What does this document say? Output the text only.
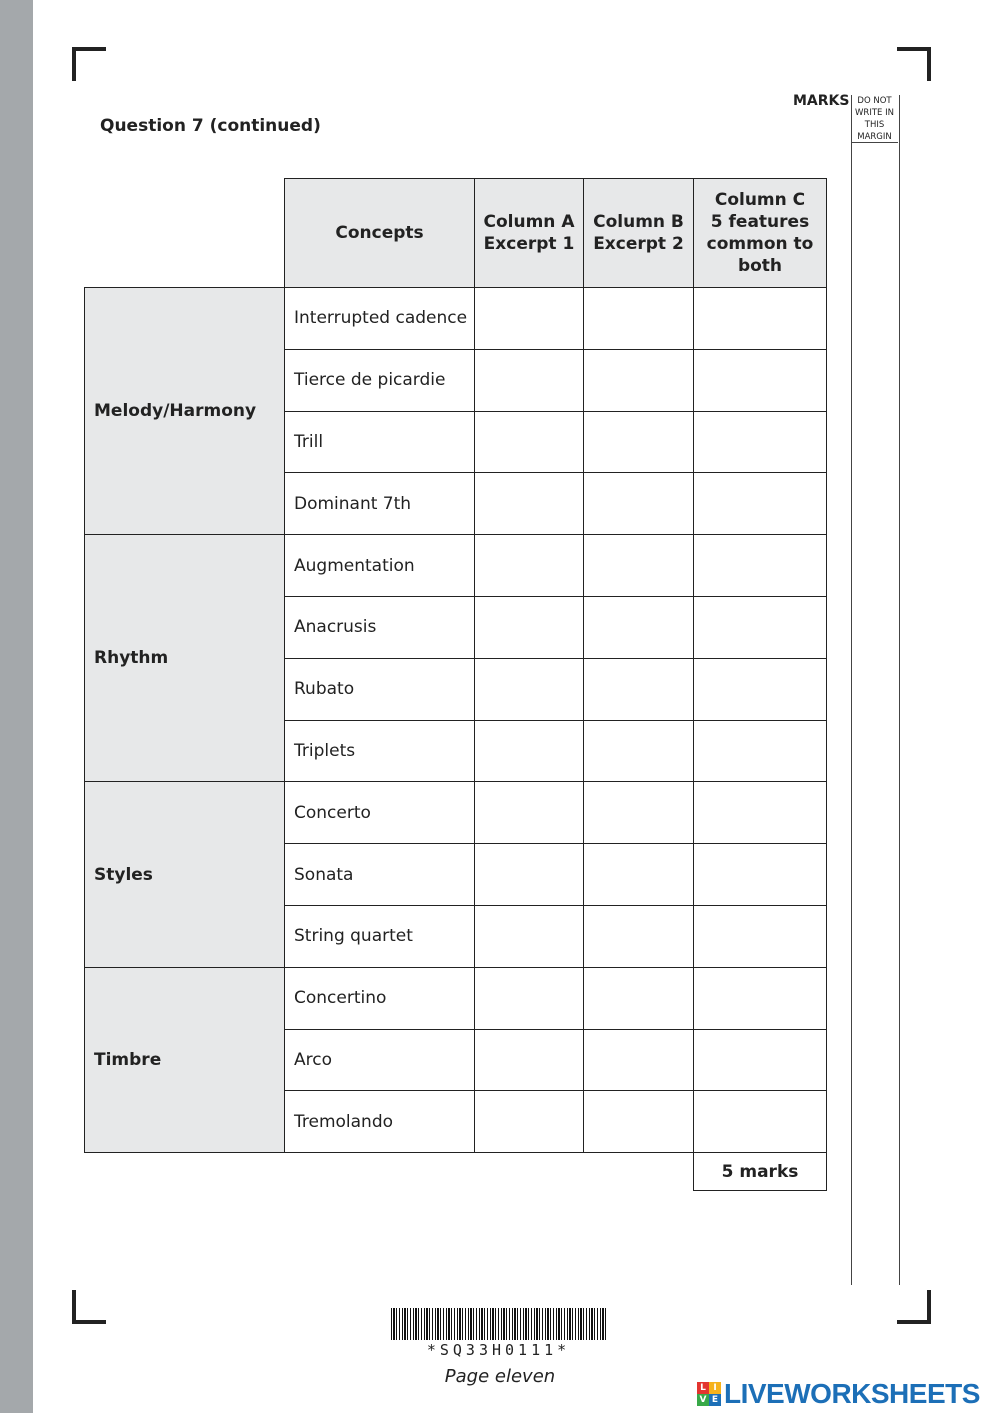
Question 7 (continued)
MARKS DO NOT
WRITE IN
THIS
MARGIN
Concepts
Column A
Excerpt 1
Column B
Excerpt 2
Column C
5 features
common to
both
Melody/Harmony
Interrupted cadence
Tierce de picardie
Trill
Dominant 7th
Rhythm
Augmentation
Anacrusis
Rubato
Triplets
Styles
Concerto
Sonata
String quartet
Timbre
Concertino
Arco
Tremolando
5 marks
*SQ33H0111*
Page eleven
L I
V E LIVEWORKSHEETS
